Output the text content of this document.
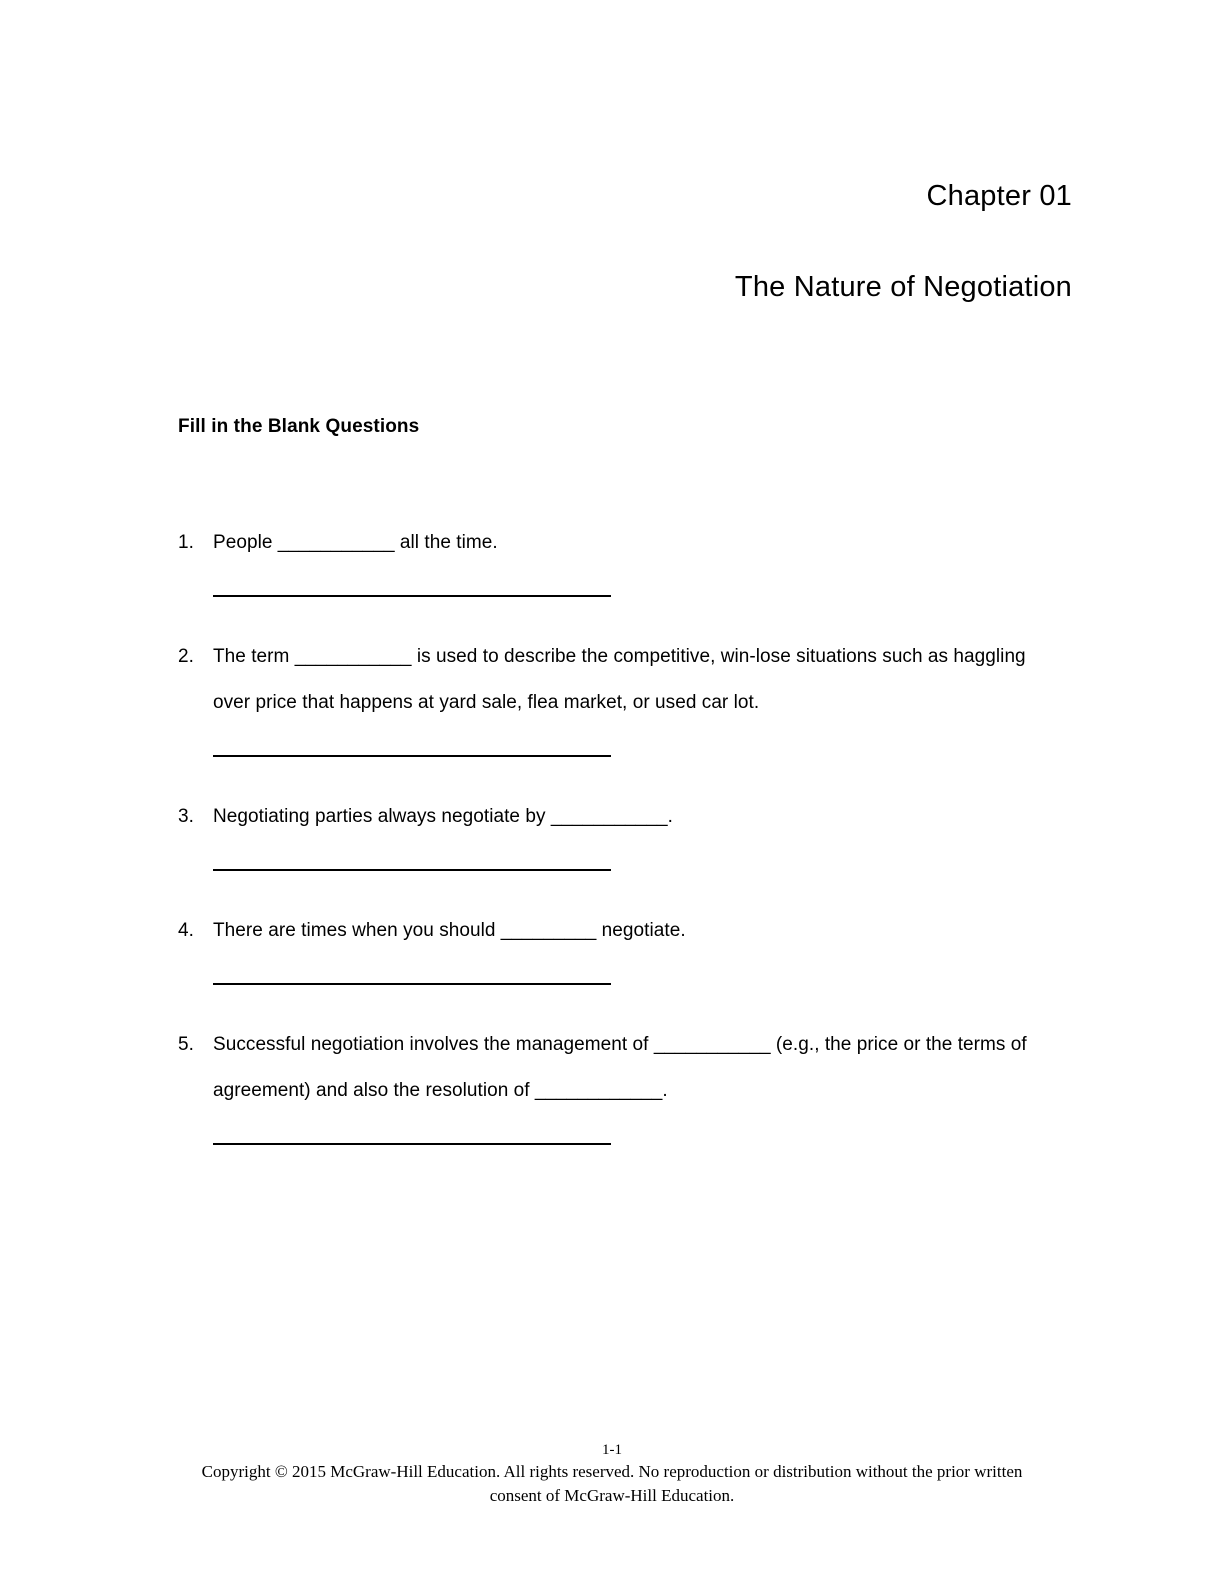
Chapter 01
The Nature of Negotiation
Fill in the Blank Questions
1. People ___________ all the time.
2. The term ___________ is used to describe the competitive, win-lose situations such as haggling over price that happens at yard sale, flea market, or used car lot.
3. Negotiating parties always negotiate by ___________.
4. There are times when you should _________ negotiate.
5. Successful negotiation involves the management of ___________ (e.g., the price or the terms of agreement) and also the resolution of ____________.
1-1
Copyright © 2015 McGraw-Hill Education. All rights reserved. No reproduction or distribution without the prior written consent of McGraw-Hill Education.
